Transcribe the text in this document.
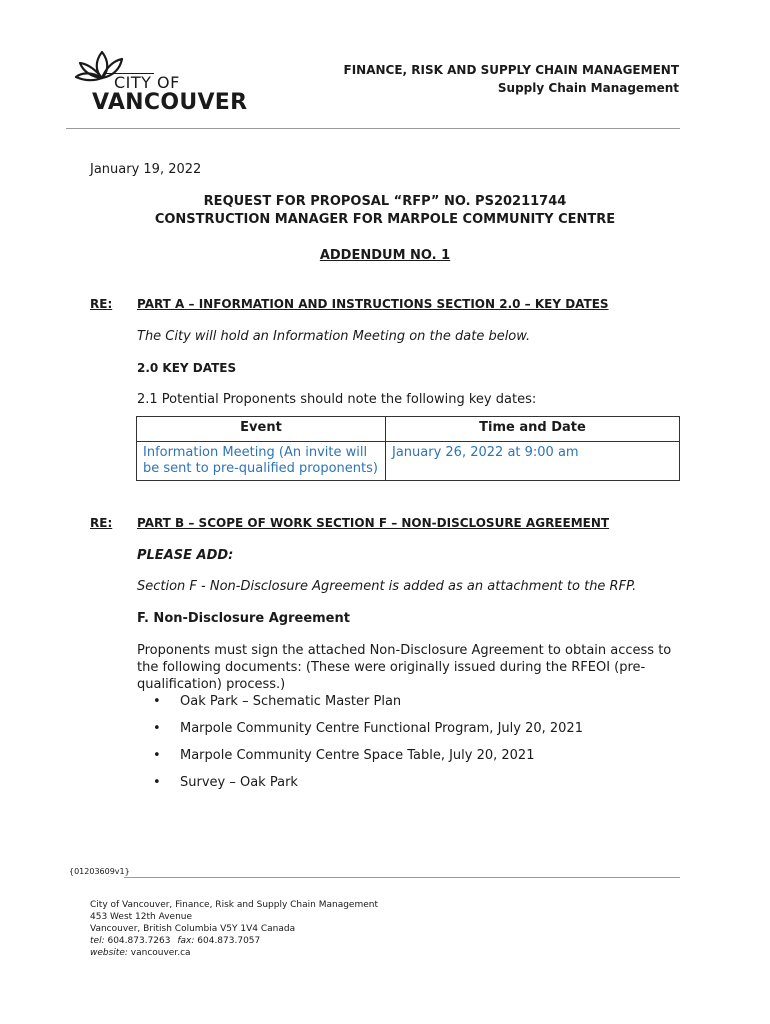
CITY OF
VANCOUVER
FINANCE, RISK AND SUPPLY CHAIN MANAGEMENT
Supply Chain Management
January 19, 2022
REQUEST FOR PROPOSAL “RFP” NO. PS20211744
CONSTRUCTION MANAGER FOR MARPOLE COMMUNITY CENTRE
ADDENDUM NO. 1
RE: PART A – INFORMATION AND INSTRUCTIONS SECTION 2.0 – KEY DATES
The City will hold an Information Meeting on the date below.
2.0 KEY DATES
2.1 Potential Proponents should note the following key dates:
Event	Time and Date
Information Meeting (An invite will be sent to pre-qualified proponents)	January 26, 2022 at 9:00 am
RE: PART B – SCOPE OF WORK SECTION F – NON-DISCLOSURE AGREEMENT
PLEASE ADD:
Section F - Non-Disclosure Agreement is added as an attachment to the RFP.
F. Non-Disclosure Agreement
Proponents must sign the attached Non-Disclosure Agreement to obtain access to the following documents: (These were originally issued during the RFEOI (pre-qualification) process.)
• Oak Park – Schematic Master Plan
• Marpole Community Centre Functional Program, July 20, 2021
• Marpole Community Centre Space Table, July 20, 2021
• Survey – Oak Park
{01203609v1}
City of Vancouver, Finance, Risk and Supply Chain Management
453 West 12th Avenue
Vancouver, British Columbia V5Y 1V4 Canada
tel: 604.873.7263 fax: 604.873.7057
website: vancouver.ca
